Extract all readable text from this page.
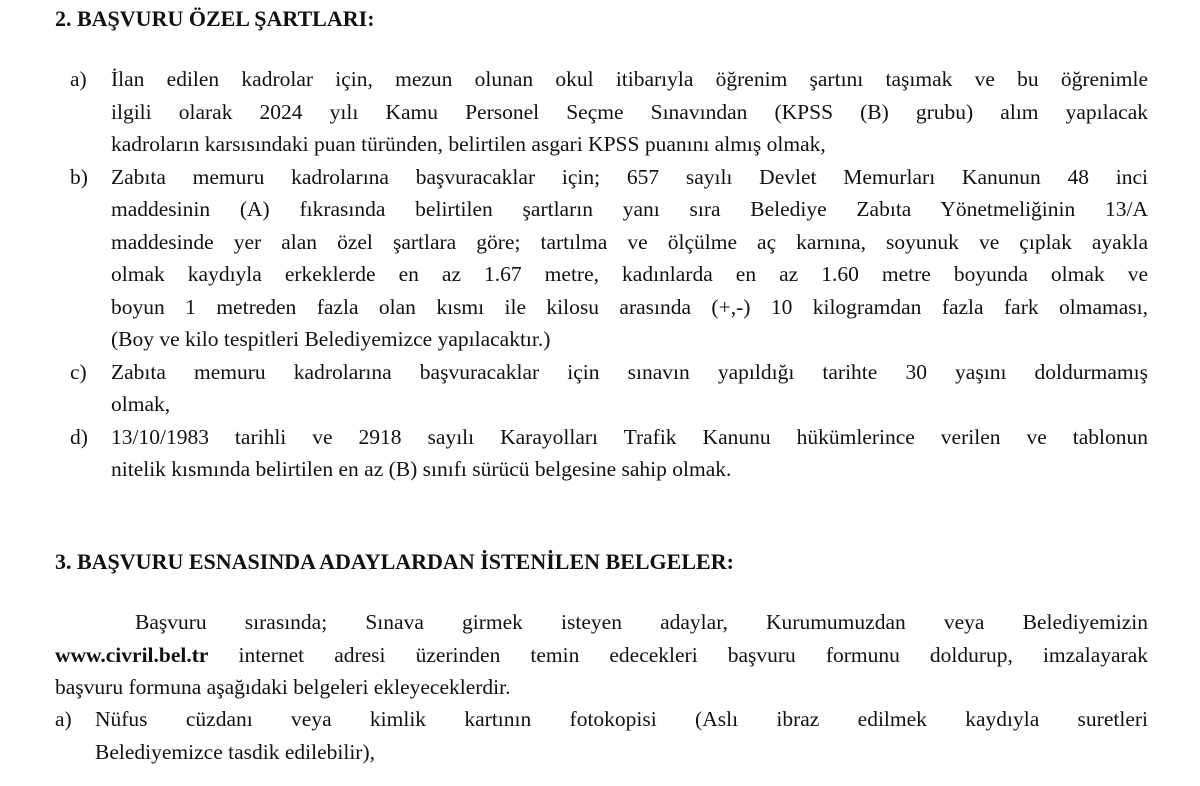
2. BAŞVURU ÖZEL ŞARTLARI:
a) İlan edilen kadrolar için, mezun olunan okul itibarıyla öğrenim şartını taşımak ve bu öğrenimle
ilgili olarak 2024 yılı Kamu Personel Seçme Sınavından (KPSS (B) grubu) alım yapılacak
kadroların karsısındaki puan türünden, belirtilen asgari KPSS puanını almış olmak,
b) Zabıta memuru kadrolarına başvuracaklar için; 657 sayılı Devlet Memurları Kanunun 48 inci
maddesinin (A) fıkrasında belirtilen şartların yanı sıra Belediye Zabıta Yönetmeliğinin 13/A
maddesinde yer alan özel şartlara göre; tartılma ve ölçülme aç karnına, soyunuk ve çıplak ayakla
olmak kaydıyla erkeklerde en az 1.67 metre, kadınlarda en az 1.60 metre boyunda olmak ve
boyun 1 metreden fazla olan kısmı ile kilosu arasında (+,-) 10 kilogramdan fazla fark olmaması,
(Boy ve kilo tespitleri Belediyemizce yapılacaktır.)
c) Zabıta memuru kadrolarına başvuracaklar için sınavın yapıldığı tarihte 30 yaşını doldurmamış
olmak,
d) 13/10/1983 tarihli ve 2918 sayılı Karayolları Trafik Kanunu hükümlerince verilen ve tablonun
nitelik kısmında belirtilen en az (B) sınıfı sürücü belgesine sahip olmak.
3. BAŞVURU ESNASINDA ADAYLARDAN İSTENİLEN BELGELER:
Başvuru sırasında; Sınava girmek isteyen adaylar, Kurumumuzdan veya Belediyemizin
www.civril.bel.tr internet adresi üzerinden temin edecekleri başvuru formunu doldurup, imzalayarak
başvuru formuna aşağıdaki belgeleri ekleyeceklerdir.
a) Nüfus cüzdanı veya kimlik kartının fotokopisi (Aslı ibraz edilmek kaydıyla suretleri
Belediyemizce tasdik edilebilir),
